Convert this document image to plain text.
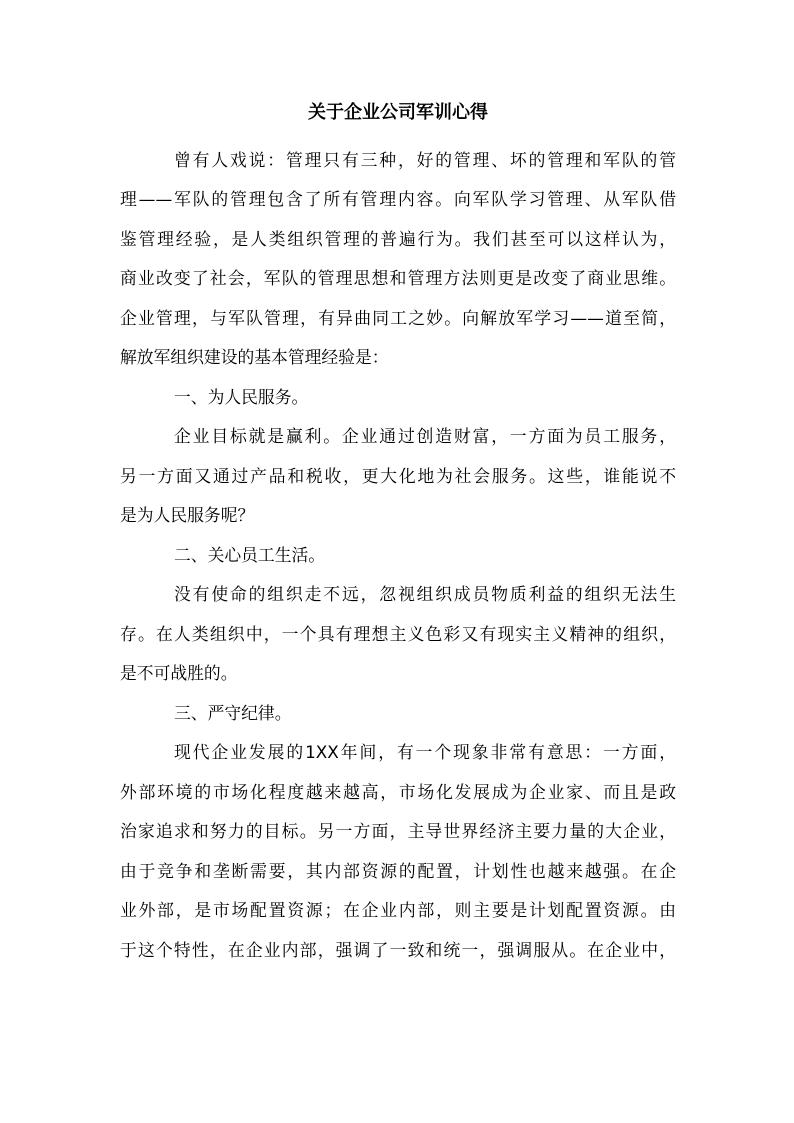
关于企业公司军训心得
曾有人戏说：管理只有三种，好的管理、坏的管理和军队的管
理——军队的管理包含了所有管理内容。向军队学习管理、从军队借
鉴管理经验，是人类组织管理的普遍行为。我们甚至可以这样认为，
商业改变了社会，军队的管理思想和管理方法则更是改变了商业思维。
企业管理，与军队管理，有异曲同工之妙。向解放军学习——道至简，
解放军组织建设的基本管理经验是：
一、为人民服务。
企业目标就是赢利。企业通过创造财富，一方面为员工服务，
另一方面又通过产品和税收，更大化地为社会服务。这些，谁能说不
是为人民服务呢？
二、关心员工生活。
没有使命的组织走不远，忽视组织成员物质利益的组织无法生
存。在人类组织中，一个具有理想主义色彩又有现实主义精神的组织，
是不可战胜的。
三、严守纪律。
现代企业发展的1XX年间，有一个现象非常有意思：一方面，
外部环境的市场化程度越来越高，市场化发展成为企业家、而且是政
治家追求和努力的目标。另一方面，主导世界经济主要力量的大企业，
由于竞争和垄断需要，其内部资源的配置，计划性也越来越强。在企
业外部，是市场配置资源；在企业内部，则主要是计划配置资源。由
于这个特性，在企业内部，强调了一致和统一，强调服从。在企业中，
